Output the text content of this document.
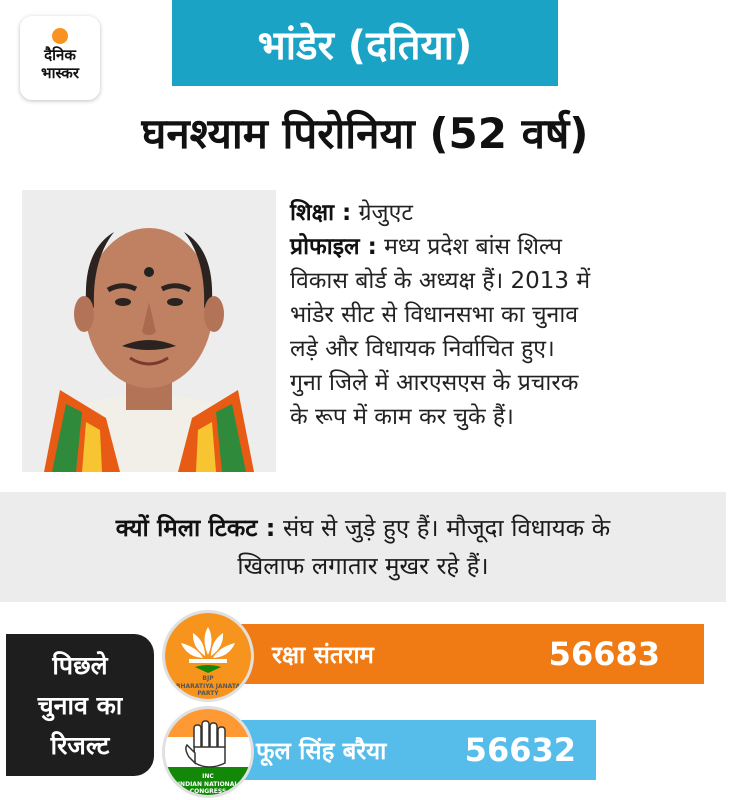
दैनिक
भास्कर
भांडेर (दतिया)
घनश्याम पिरोनिया (52 वर्ष)

शिक्षा : ग्रेजुएट

प्रोफाइल : मध्य प्रदेश बांस शिल्प

विकास बोर्ड के अध्यक्ष हैं। 2013 में

भांडेर सीट से विधानसभा का चुनाव

लड़े और विधायक निर्वाचित हुए।

गुना जिले में आरएसएस के प्रचारक

के रूप में काम कर चुके हैं।

क्यों मिला टिकट : संघ से जुड़े हुए हैं। मौजूदा विधायक के
खिलाफ लगातार मुखर रहे हैं।
पिछले
चुनाव का
रिजल्ट
रक्षा संतराम	56683
BJP
BHARATIYA JANATA PARTY
फूल सिंह बरैया 56632
INC
INDIAN NATIONAL CONGRESS
